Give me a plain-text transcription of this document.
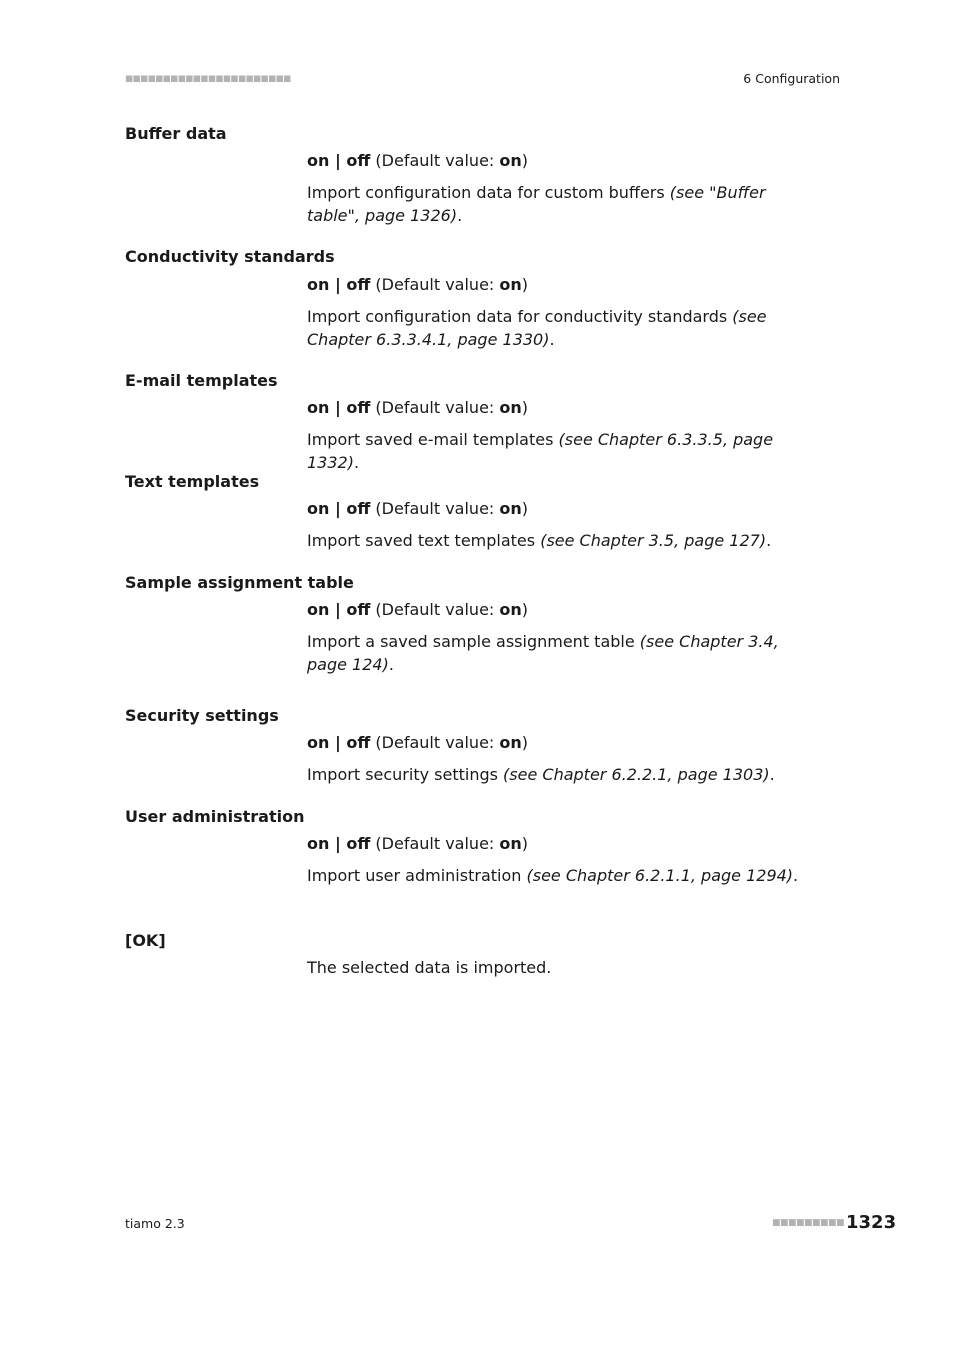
■■■■■■■■■■■■■■■■■■■■■■	6 Configuration
Buffer data
on | off (Default value: on)
Import configuration data for custom buffers (see "Buffer table", page 1326).
Conductivity standards
on | off (Default value: on)
Import configuration data for conductivity standards (see Chapter 6.3.3.4.1, page 1330).
E-mail templates
on | off (Default value: on)
Import saved e-mail templates (see Chapter 6.3.3.5, page 1332).
Text templates
on | off (Default value: on)
Import saved text templates (see Chapter 3.5, page 127).
Sample assignment table
on | off (Default value: on)
Import a saved sample assignment table (see Chapter 3.4, page 124).
Security settings
on | off (Default value: on)
Import security settings (see Chapter 6.2.2.1, page 1303).
User administration
on | off (Default value: on)
Import user administration (see Chapter 6.2.1.1, page 1294).
[OK]
The selected data is imported.
tiamo 2.3	■■■■■■■■■ 1323
